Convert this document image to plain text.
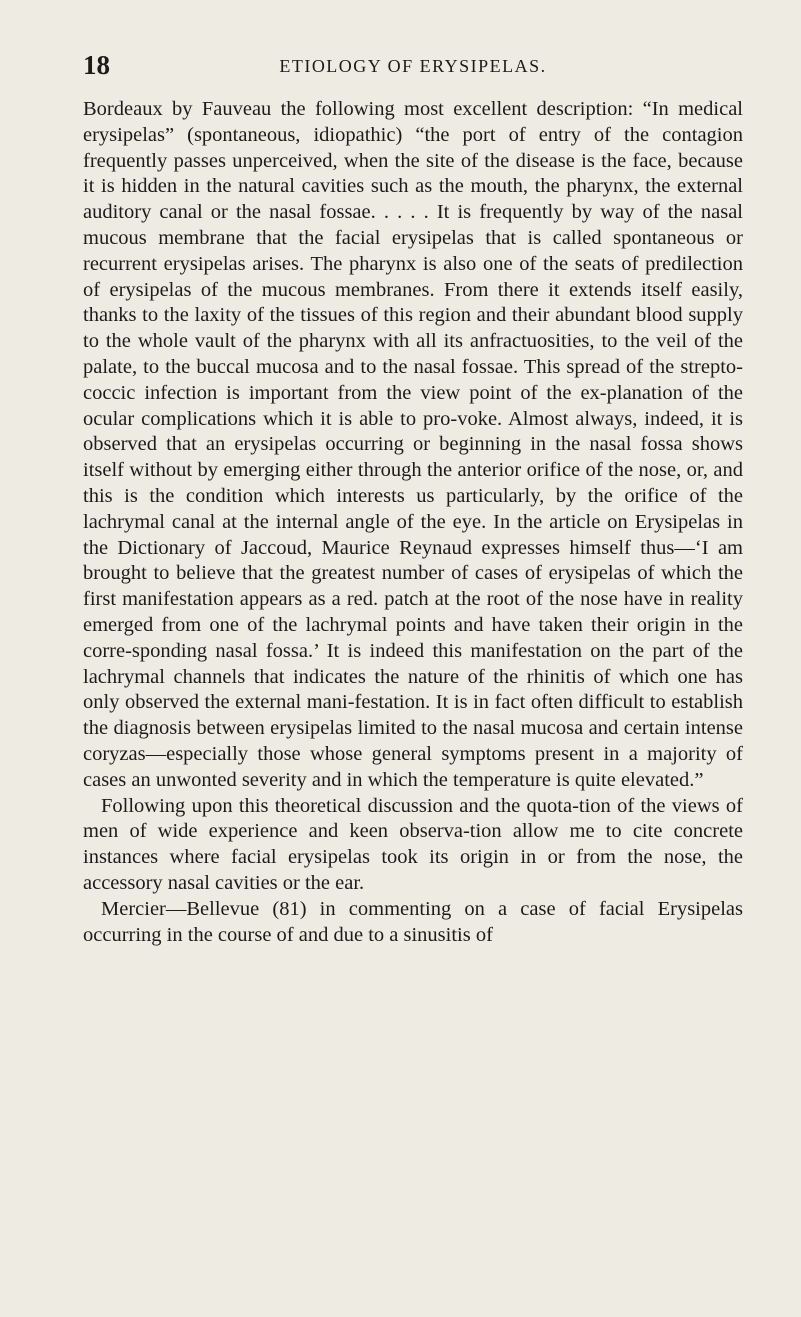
18	ETIOLOGY OF ERYSIPELAS.

Bordeaux by Fauveau the following most excellent description: “In medical erysipelas” (spontaneous, idiopathic) “the port of entry of the contagion frequently passes unperceived, when the site of the disease is the face, because it is hidden in the natural cavities such as the mouth, the pharynx, the external auditory canal or the nasal fossae. . . . . It is frequently by way of the nasal mucous membrane that the facial erysipelas that is called spontaneous or recurrent erysipelas arises. The pharynx is also one of the seats of predilection of erysipelas of the mucous membranes. From there it extends itself easily, thanks to the laxity of the tissues of this region and their abundant blood supply to the whole vault of the pharynx with all its anfractuosities, to the veil of the palate, to the buccal mucosa and to the nasal fossae. This spread of the strepto-coccic infection is important from the view point of the ex-planation of the ocular complications which it is able to pro-voke. Almost always, indeed, it is observed that an erysipelas occurring or beginning in the nasal fossa shows itself without by emerging either through the anterior orifice of the nose, or, and this is the condition which interests us particularly, by the orifice of the lachrymal canal at the internal angle of the eye. In the article on Erysipelas in the Dictionary of Jaccoud, Maurice Reynaud expresses himself thus—‘I am brought to believe that the greatest number of cases of erysipelas of which the first manifestation appears as a red. patch at the root of the nose have in reality emerged from one of the lachrymal points and have taken their origin in the corre-sponding nasal fossa.’ It is indeed this manifestation on the part of the lachrymal channels that indicates the nature of the rhinitis of which one has only observed the external mani-festation. It is in fact often difficult to establish the diagnosis between erysipelas limited to the nasal mucosa and certain intense coryzas—especially those whose general symptoms present in a majority of cases an unwonted severity and in which the temperature is quite elevated.”

Following upon this theoretical discussion and the quota-tion of the views of men of wide experience and keen observa-tion allow me to cite concrete instances where facial erysipelas took its origin in or from the nose, the accessory nasal cavities or the ear.

Mercier—Bellevue (81) in commenting on a case of facial Erysipelas occurring in the course of and due to a sinusitis of
